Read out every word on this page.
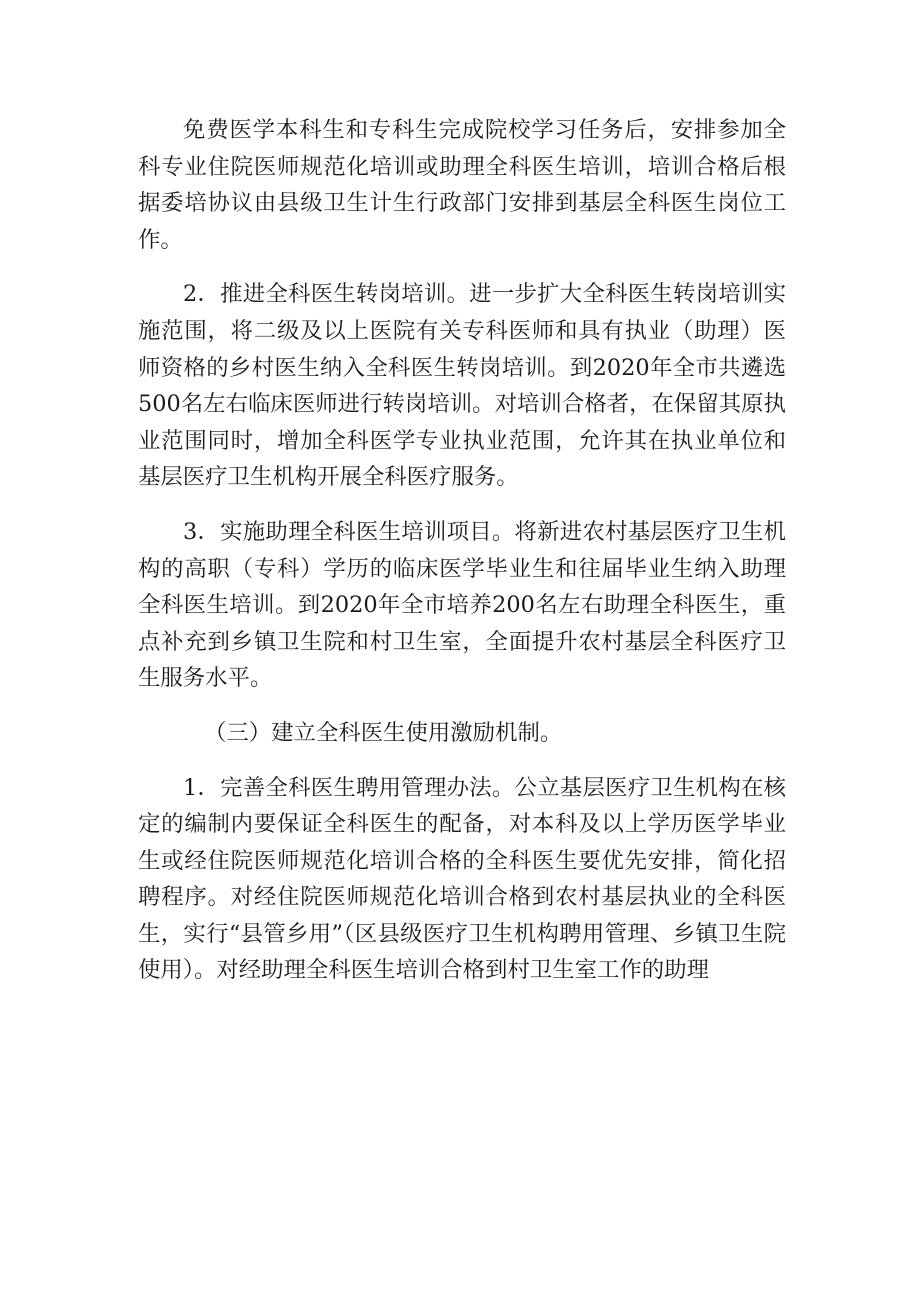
免费医学本科生和专科生完成院校学习任务后，安排参加全科专业住院医师规范化培训或助理全科医生培训，培训合格后根据委培协议由县级卫生计生行政部门安排到基层全科医生岗位工作。

2．推进全科医生转岗培训。进一步扩大全科医生转岗培训实施范围，将二级及以上医院有关专科医师和具有执业（助理）医师资格的乡村医生纳入全科医生转岗培训。到2020年全市共遴选500名左右临床医师进行转岗培训。对培训合格者，在保留其原执业范围同时，增加全科医学专业执业范围，允许其在执业单位和基层医疗卫生机构开展全科医疗服务。

3．实施助理全科医生培训项目。将新进农村基层医疗卫生机构的高职（专科）学历的临床医学毕业生和往届毕业生纳入助理全科医生培训。到2020年全市培养200名左右助理全科医生，重点补充到乡镇卫生院和村卫生室，全面提升农村基层全科医疗卫生服务水平。

（三）建立全科医生使用激励机制。

1．完善全科医生聘用管理办法。公立基层医疗卫生机构在核定的编制内要保证全科医生的配备，对本科及以上学历医学毕业生或经住院医师规范化培训合格的全科医生要优先安排，简化招聘程序。对经住院医师规范化培训合格到农村基层执业的全科医生，实行“县管乡用”（区县级医疗卫生机构聘用管理、乡镇卫生院使用）。对经助理全科医生培训合格到村卫生室工作的助理
